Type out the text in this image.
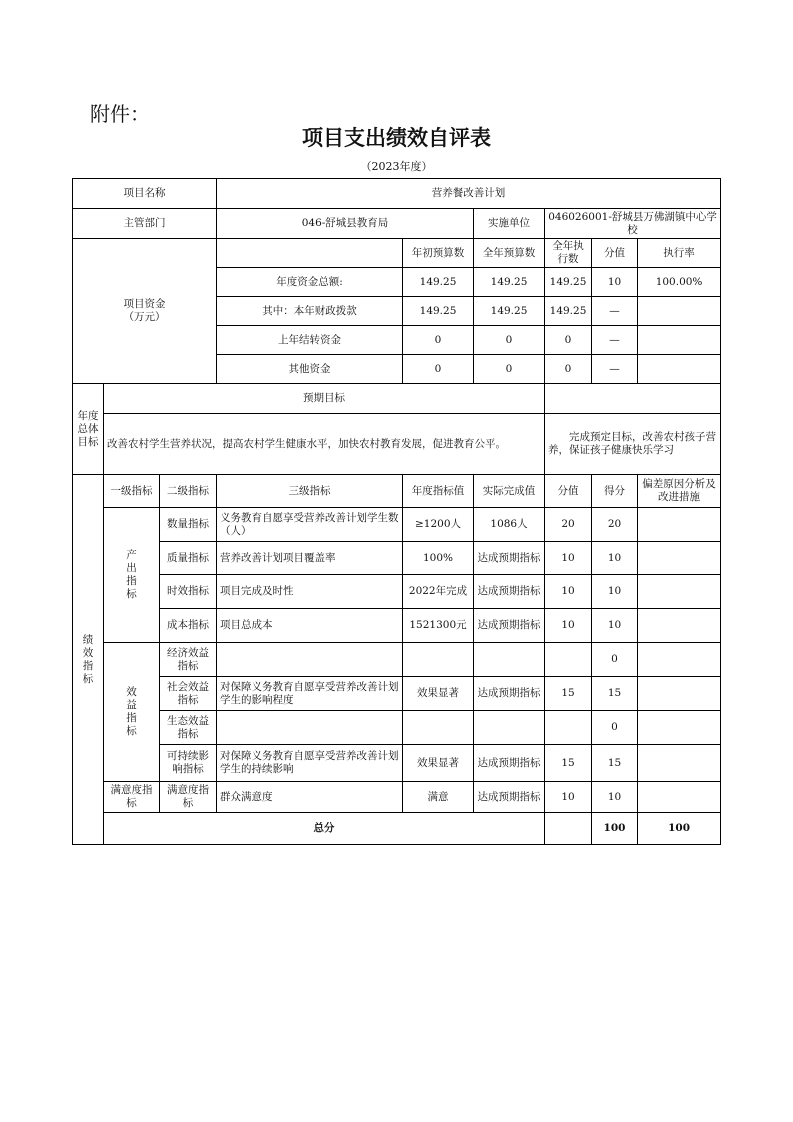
附件：
项目支出绩效自评表
（2023年度）
项目名称			营养餐改善计划						
主管部门			046-舒城县教育局		实施单位	046026001-舒城县万佛湖镇中心学校			
项目资金
（万元）				年初预算数	全年预算数	全年执行数	分值	执行率	
			年度资金总额:	149.25	149.25	149.25	10	100.00%	
			其中：本年财政拨款	149.25	149.25	149.25	—		
			上年结转资金	0	0	0	—		
			其他资金	0	0	0	—		
年度
总体
目标	预期目标								
	改善农村学生营养状况，提高农村学生健康水平，加快农村教育发展，促进教育公平。					　　完成预定目标，改善农村孩子营养，保证孩子健康快乐学习			
绩
效
指
标	一级指标	二级指标	三级指标	年度指标值	实际完成值	分值	得分	偏差原因分析及改进措施	
	产
出
指
标	数量指标	义务教育自愿享受营养改善计划学生数（人）	≥1200人	1086人	20	20		
		质量指标	营养改善计划项目覆盖率	100%	达成预期指标	10	10		
		时效指标	项目完成及时性	2022年完成	达成预期指标	10	10		
		成本指标	项目总成本	1521300元	达成预期指标	10	10		
	效
益
指
标	经济效益指标					0		
		社会效益指标	对保障义务教育自愿享受营养改善计划学生的影响程度	效果显著	达成预期指标	15	15		
		生态效益指标					0		
		可持续影响指标	对保障义务教育自愿享受营养改善计划学生的持续影响	效果显著	达成预期指标	15	15		
	满意度指标	满意度指标	群众满意度	满意	达成预期指标	10	10		
	总分						100	100	
